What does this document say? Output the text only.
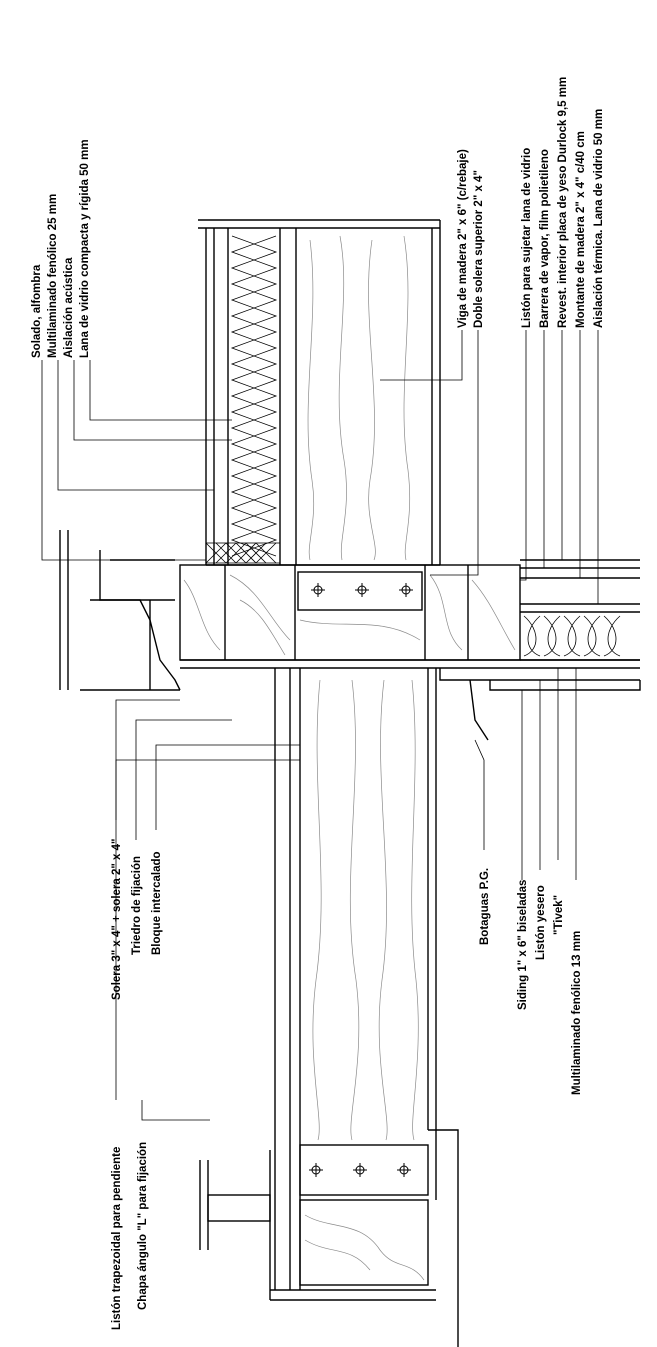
Solado, alfombra Multilaminado fenólico 25 mm Aislación acústica Lana de vidrio compacta y rígida 50 mm	Viga de madera 2" x 6" (c/rebaje) Doble solera superior 2" x 4"	Listón para sujetar lana de vidrio Barrera de vapor, film polietileno Revest. interior placa de yeso Durlock 9,5 mm Montante de madera 2" x 4" c/40 cm Aislación térmica. Lana de vidrio 50 mm
Solera 3" x 4" + solera 2" x 4" Triedro de fijación Bloque intercalado	Botaguas P.G. Siding 1" x 6" biseladas Listón yesero "Tivek"
Multilaminado fenólico 13 mm
Listón trapezoidal para pendiente Chapa ángulo "L" para fijación
